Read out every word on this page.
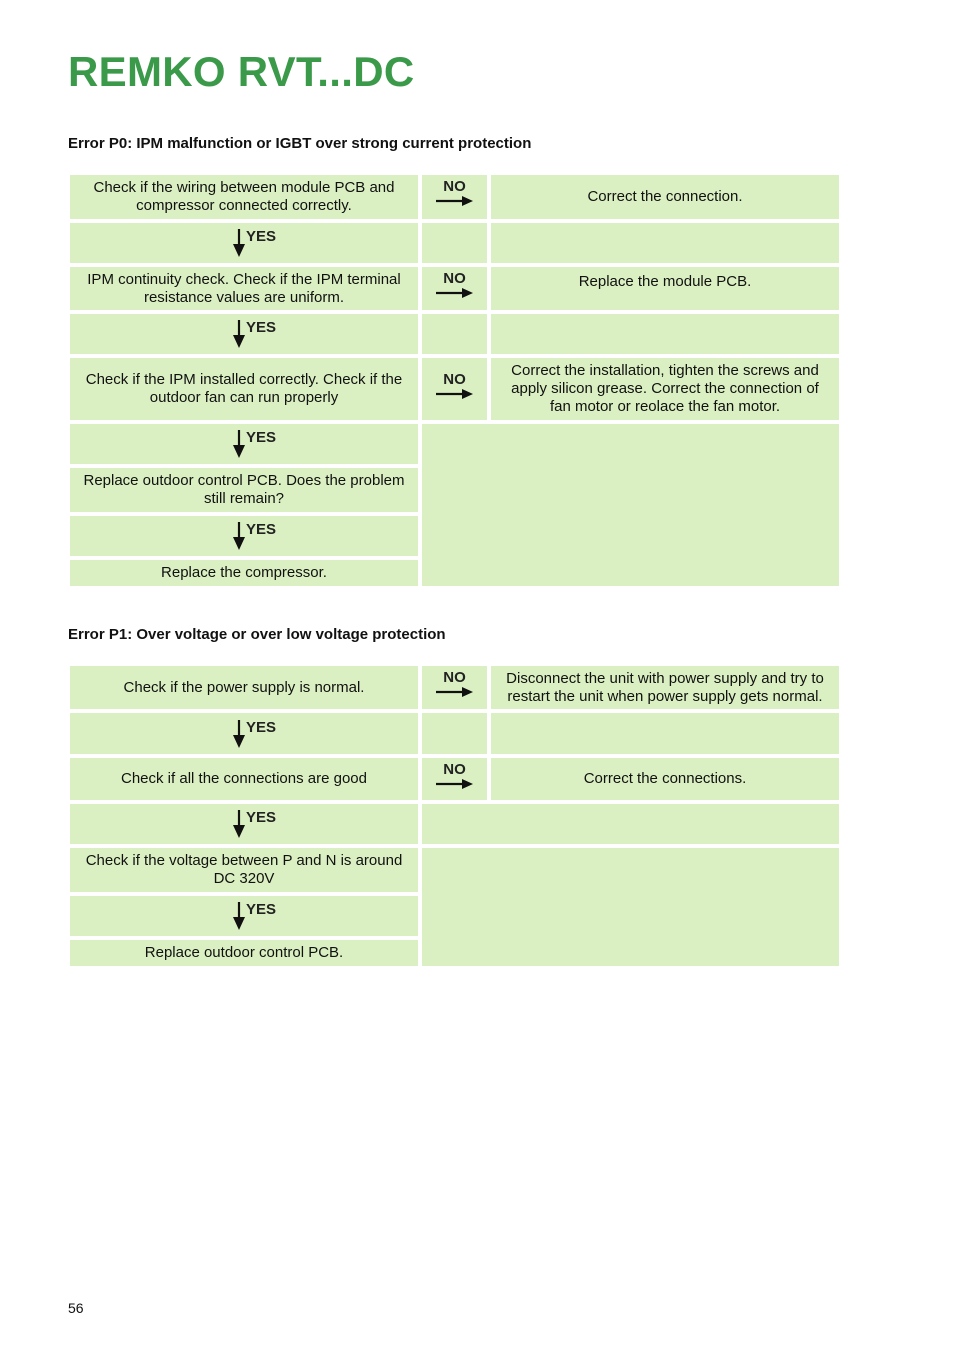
REMKO RVT...DC
Error P0: IPM malfunction or IGBT over strong current protection
Check if the wiring between module PCB and compressor connected correctly.
NO
Correct the connection.
YES
IPM continuity check. Check if the IPM terminal resistance values are uniform.
NO	Replace the module PCB.
YES
Check if the IPM installed correctly. Check if the outdoor fan can run properly
NO
Correct the installation, tighten the screws and apply silicon grease. Correct the connection of fan motor or reolace the fan motor.
YES
Replace outdoor control PCB. Does the problem still remain?
YES
Replace the compressor.
Error P1: Over voltage or over low voltage protection
Check if the power supply is normal.
NO	Disconnect the unit with power supply and try to restart the unit when power supply gets normal.
YES
Check if all the connections are good
NO
Correct the connections.
YES
Check if the voltage between P and N is around DC 320V
YES
Replace outdoor control PCB.
56
